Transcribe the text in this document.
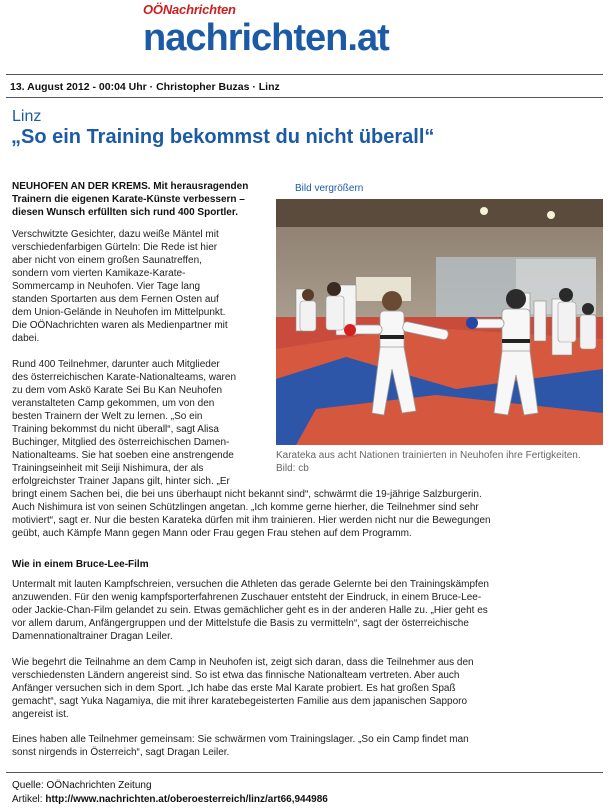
OÖNachrichten
nachrichten.at
13. August 2012 - 00:04 Uhr · Christopher Buzas · Linz
Linz
„So ein Training bekommst du nicht überall“
NEUHOFEN AN DER KREMS. Mit herausragenden Trainern die eigenen Karate-Künste verbessern – diesen Wunsch erfüllten sich rund 400 Sportler.
Bild vergrößern
Karateka aus acht Nationen trainierten in Neuhofen ihre Fertigkeiten. Bild: cb
Verschwitzte Gesichter, dazu weiße Mäntel mit
verschiedenfarbigen Gürteln: Die Rede ist hier
aber nicht von einem großen Saunatreffen,
sondern vom vierten Kamikaze-Karate-
Sommercamp in Neuhofen. Vier Tage lang
standen Sportarten aus dem Fernen Osten auf
dem Union-Gelände in Neuhofen im Mittelpunkt.
Die OÖNachrichten waren als Medienpartner mit
dabei.
Rund 400 Teilnehmer, darunter auch Mitglieder
des österreichischen Karate-Nationalteams, waren
zu dem vom Askö Karate Sei Bu Kan Neuhofen
veranstalteten Camp gekommen, um von den
besten Trainern der Welt zu lernen. „So ein
Training bekommst du nicht überall“, sagt Alisa
Buchinger, Mitglied des österreichischen Damen-
Nationalteams. Sie hat soeben eine anstrengende
Trainingseinheit mit Seiji Nishimura, der als
erfolgreichster Trainer Japans gilt, hinter sich. „Er
bringt einem Sachen bei, die bei uns überhaupt nicht bekannt sind“, schwärmt die 19-jährige Salzburgerin.
Auch Nishimura ist von seinen Schützlingen angetan. „Ich komme gerne hierher, die Teilnehmer sind sehr
motiviert“, sagt er. Nur die besten Karateka dürfen mit ihm trainieren. Hier werden nicht nur die Bewegungen
geübt, auch Kämpfe Mann gegen Mann oder Frau gegen Frau stehen auf dem Programm.
Wie in einem Bruce-Lee-Film
Untermalt mit lauten Kampfschreien, versuchen die Athleten das gerade Gelernte bei den Trainingskämpfen
anzuwenden. Für den wenig kampfsporterfahrenen Zuschauer entsteht der Eindruck, in einem Bruce-Lee-
oder Jackie-Chan-Film gelandet zu sein. Etwas gemächlicher geht es in der anderen Halle zu. „Hier geht es
vor allem darum, Anfängergruppen und der Mittelstufe die Basis zu vermitteln“, sagt der österreichische
Damennationaltrainer Dragan Leiler.
Wie begehrt die Teilnahme an dem Camp in Neuhofen ist, zeigt sich daran, dass die Teilnehmer aus den
verschiedensten Ländern angereist sind. So ist etwa das finnische Nationalteam vertreten. Aber auch
Anfänger versuchen sich in dem Sport. „Ich habe das erste Mal Karate probiert. Es hat großen Spaß
gemacht“, sagt Yuka Nagamiya, die mit ihrer karatebegeisterten Familie aus dem japanischen Sapporo
angereist ist.
Eines haben alle Teilnehmer gemeinsam: Sie schwärmen vom Trainingslager. „So ein Camp findet man
sonst nirgends in Österreich“, sagt Dragan Leiler.
Quelle: OÖNachrichten Zeitung
Artikel: http://www.nachrichten.at/oberoesterreich/linz/art66,944986
